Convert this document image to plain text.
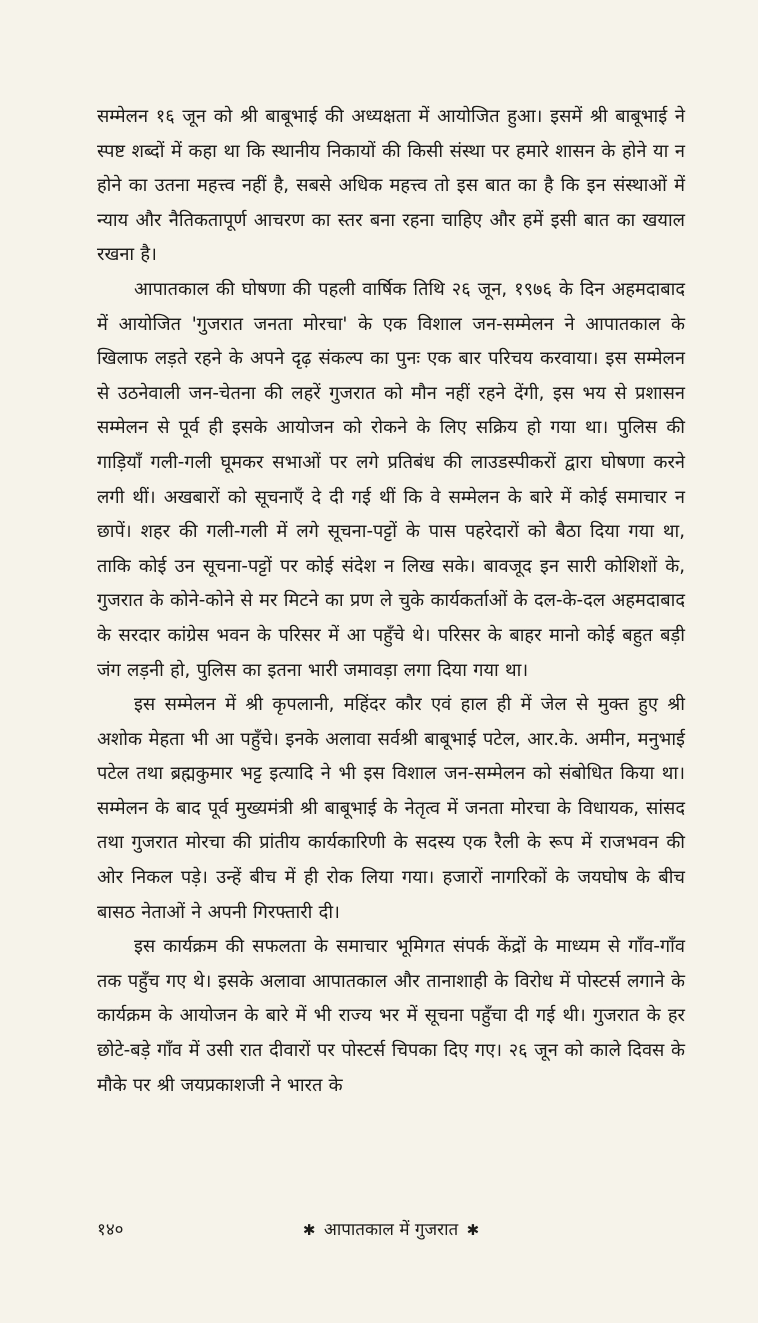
सम्मेलन १६ जून को श्री बाबूभाई की अध्यक्षता में आयोजित हुआ। इसमें श्री बाबूभाई ने स्पष्ट शब्दों में कहा था कि स्थानीय निकायों की किसी संस्था पर हमारे शासन के होने या न होने का उतना महत्त्व नहीं है, सबसे अधिक महत्त्व तो इस बात का है कि इन संस्थाओं में न्याय और नैतिकतापूर्ण आचरण का स्तर बना रहना चाहिए और हमें इसी बात का खयाल रखना है।

आपातकाल की घोषणा की पहली वार्षिक तिथि २६ जून, १९७६ के दिन अहमदाबाद में आयोजित 'गुजरात जनता मोरचा' के एक विशाल जन-सम्मेलन ने आपातकाल के खिलाफ लड़ते रहने के अपने दृढ़ संकल्प का पुनः एक बार परिचय करवाया। इस सम्मेलन से उठनेवाली जन-चेतना की लहरें गुजरात को मौन नहीं रहने देंगी, इस भय से प्रशासन सम्मेलन से पूर्व ही इसके आयोजन को रोकने के लिए सक्रिय हो गया था। पुलिस की गाड़ियाँ गली-गली घूमकर सभाओं पर लगे प्रतिबंध की लाउडस्पीकरों द्वारा घोषणा करने लगी थीं। अखबारों को सूचनाएँ दे दी गई थीं कि वे सम्मेलन के बारे में कोई समाचार न छापें। शहर की गली-गली में लगे सूचना-पट्टों के पास पहरेदारों को बैठा दिया गया था, ताकि कोई उन सूचना-पट्टों पर कोई संदेश न लिख सके। बावजूद इन सारी कोशिशों के, गुजरात के कोने-कोने से मर मिटने का प्रण ले चुके कार्यकर्ताओं के दल-के-दल अहमदाबाद के सरदार कांग्रेस भवन के परिसर में आ पहुँचे थे। परिसर के बाहर मानो कोई बहुत बड़ी जंग लड़नी हो, पुलिस का इतना भारी जमावड़ा लगा दिया गया था।

इस सम्मेलन में श्री कृपलानी, महिंदर कौर एवं हाल ही में जेल से मुक्त हुए श्री अशोक मेहता भी आ पहुँचे। इनके अलावा सर्वश्री बाबूभाई पटेल, आर.के. अमीन, मनुभाई पटेल तथा ब्रह्मकुमार भट्ट इत्यादि ने भी इस विशाल जन-सम्मेलन को संबोधित किया था। सम्मेलन के बाद पूर्व मुख्यमंत्री श्री बाबूभाई के नेतृत्व में जनता मोरचा के विधायक, सांसद तथा गुजरात मोरचा की प्रांतीय कार्यकारिणी के सदस्य एक रैली के रूप में राजभवन की ओर निकल पड़े। उन्हें बीच में ही रोक लिया गया। हजारों नागरिकों के जयघोष के बीच बासठ नेताओं ने अपनी गिरफ्तारी दी।

इस कार्यक्रम की सफलता के समाचार भूमिगत संपर्क केंद्रों के माध्यम से गाँव-गाँव तक पहुँच गए थे। इसके अलावा आपातकाल और तानाशाही के विरोध में पोस्टर्स लगाने के कार्यक्रम के आयोजन के बारे में भी राज्य भर में सूचना पहुँचा दी गई थी। गुजरात के हर छोटे-बड़े गाँव में उसी रात दीवारों पर पोस्टर्स चिपका दिए गए। २६ जून को काले दिवस के मौके पर श्री जयप्रकाशजी ने भारत के

१४०	✱ आपातकाल में गुजरात ✱
